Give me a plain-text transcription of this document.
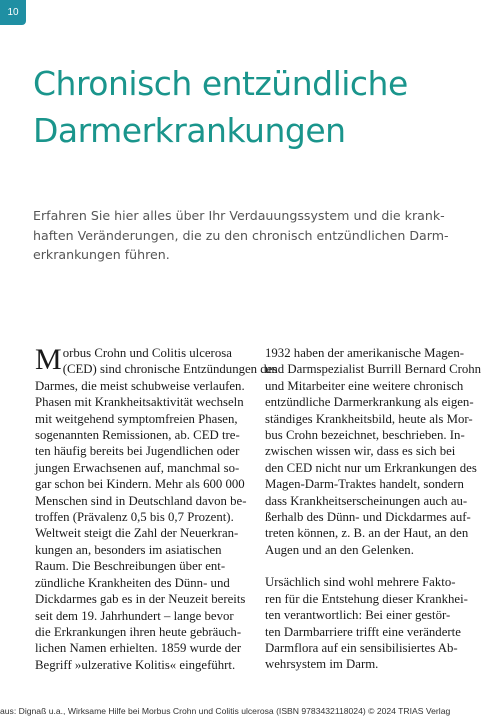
10
Chronisch entzündliche
Darmerkrankungen
Erfahren Sie hier alles über Ihr Verdauungssystem und die krank-
haften Veränderungen, die zu den chronisch entzündlichen Darm-
erkrankungen führen.
M orbus Crohn und Colitis ulcerosa
(CED) sind chronische Entzündungen des
Darmes, die meist schubweise verlaufen.
Phasen mit Krankheitsaktivität wechseln
mit weitgehend symptomfreien Phasen,
sogenannten Remissionen, ab. CED tre-
ten häufig bereits bei Jugendlichen oder
jungen Erwachsenen auf, manchmal so-
gar schon bei Kindern. Mehr als 600 000
Menschen sind in Deutschland davon be-
troffen (Prävalenz 0,5 bis 0,7 Prozent).
Weltweit steigt die Zahl der Neuerkran-
kungen an, besonders im asiatischen
Raum. Die Beschreibungen über ent-
zündliche Krankheiten des Dünn- und
Dickdarmes gab es in der Neuzeit bereits
seit dem 19. Jahrhundert – lange bevor
die Erkrankungen ihren heute gebräuch-
lichen Namen erhielten. 1859 wurde der
Begriff »ulzerative Kolitis« eingeführt.
1932 haben der amerikanische Magen-
und Darmspezialist Burrill Bernard Crohn
und Mitarbeiter eine weitere chronisch
entzündliche Darmerkrankung als eigen-
ständiges Krankheitsbild, heute als Mor-
bus Crohn bezeichnet, beschrieben. In-
zwischen wissen wir, dass es sich bei
den CED nicht nur um Erkrankungen des
Magen-Darm-Traktes handelt, sondern
dass Krankheitserscheinungen auch au-
ßerhalb des Dünn- und Dickdarmes auf-
treten können, z. B. an der Haut, an den
Augen und an den Gelenken.
Ursächlich sind wohl mehrere Fakto-
ren für die Entstehung dieser Krankhei-
ten verantwortlich: Bei einer gestör-
ten Darmbarriere trifft eine veränderte
Darmflora auf ein sensibilisiertes Ab-
wehrsystem im Darm.
aus: Dignaß u.a., Wirksame Hilfe bei Morbus Crohn und Colitis ulcerosa (ISBN 9783432118024) © 2024 TRIAS Verlag
